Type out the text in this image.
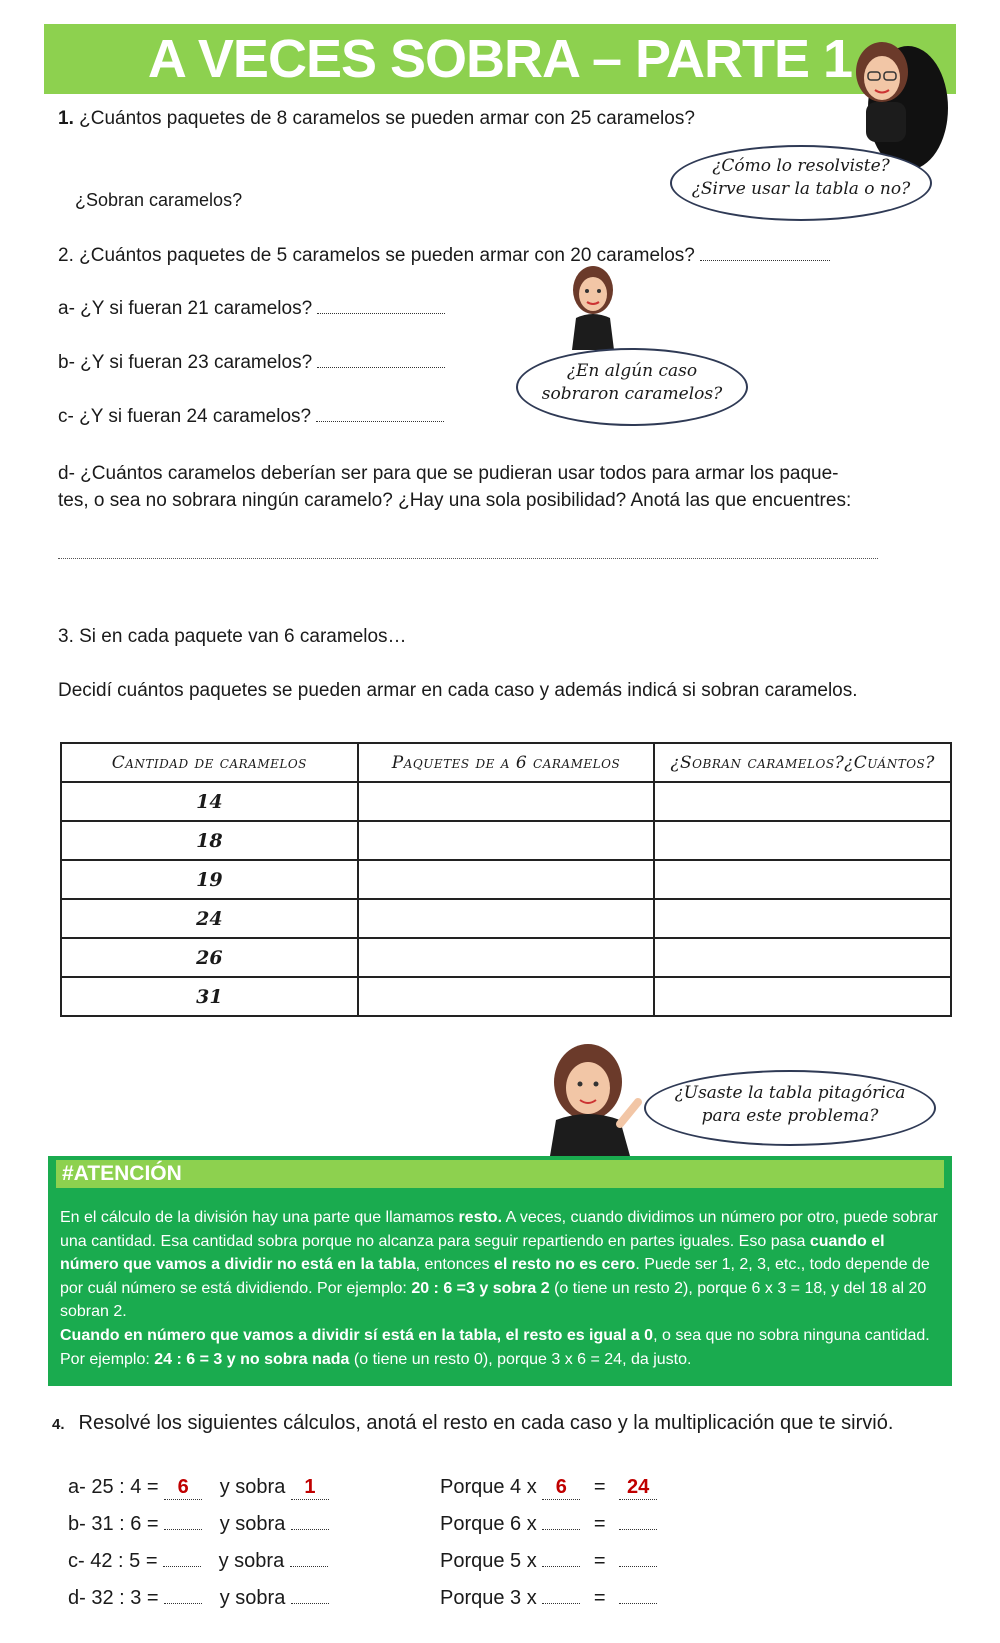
A VECES SOBRA – PARTE 1
1. ¿Cuántos paquetes de 8 caramelos se pueden armar con 25 caramelos?
¿Sobran caramelos?
¿Cómo lo resolviste?
¿Sirve usar la tabla o no?
2. ¿Cuántos paquetes de 5 caramelos se pueden armar con 20 caramelos?
a- ¿Y si fueran 21 caramelos?
b- ¿Y si fueran 23 caramelos?
c- ¿Y si fueran 24 caramelos?
¿En algún caso
sobraron caramelos?
d- ¿Cuántos caramelos deberían ser para que se pudieran usar todos para armar los paque-
tes, o sea no sobrara ningún caramelo? ¿Hay una sola posibilidad? Anotá las que encuentres:
3. Si en cada paquete van 6 caramelos…
Decidí cuántos paquetes se pueden armar en cada caso y además indicá si sobran caramelos.
Cantidad de caramelos	Paquetes de a 6 caramelos	¿Sobran caramelos?¿Cuántos?
14		
18		
19		
24		
26		
31		
¿Usaste la tabla pitagórica
para este problema?
#ATENCIÓN
En el cálculo de la división hay una parte que llamamos resto. A veces, cuando dividimos un número por otro, puede sobrar una cantidad. Esa cantidad sobra porque no alcanza para seguir repartiendo en partes iguales. Eso pasa cuando el número que vamos a dividir no está en la tabla, entonces el resto no es cero. Puede ser 1, 2, 3, etc., todo depende de por cuál número se está dividiendo. Por ejemplo: 20 : 6 =3 y sobra 2 (o tiene un resto 2), porque 6 x 3 = 18, y del 18 al 20 sobran 2.
Cuando en número que vamos a dividir sí está en la tabla, el resto es igual a 0, o sea que no sobra ninguna cantidad. Por ejemplo: 24 : 6 = 3 y no sobra nada (o tiene un resto 0), porque 3 x 6 = 24, da justo.
4. Resolvé los siguientes cálculos, anotá el resto en cada caso y la multiplicación que te sirvió.
a- 25 : 4 = 6 y sobra 1	Porque 4 x 6 = 24
b- 31 : 6 =	y sobra	Porque 6 x	=
c- 42 : 5 =	y sobra	Porque 5 x	=
d- 32 : 3 =	y sobra	Porque 3 x	=
